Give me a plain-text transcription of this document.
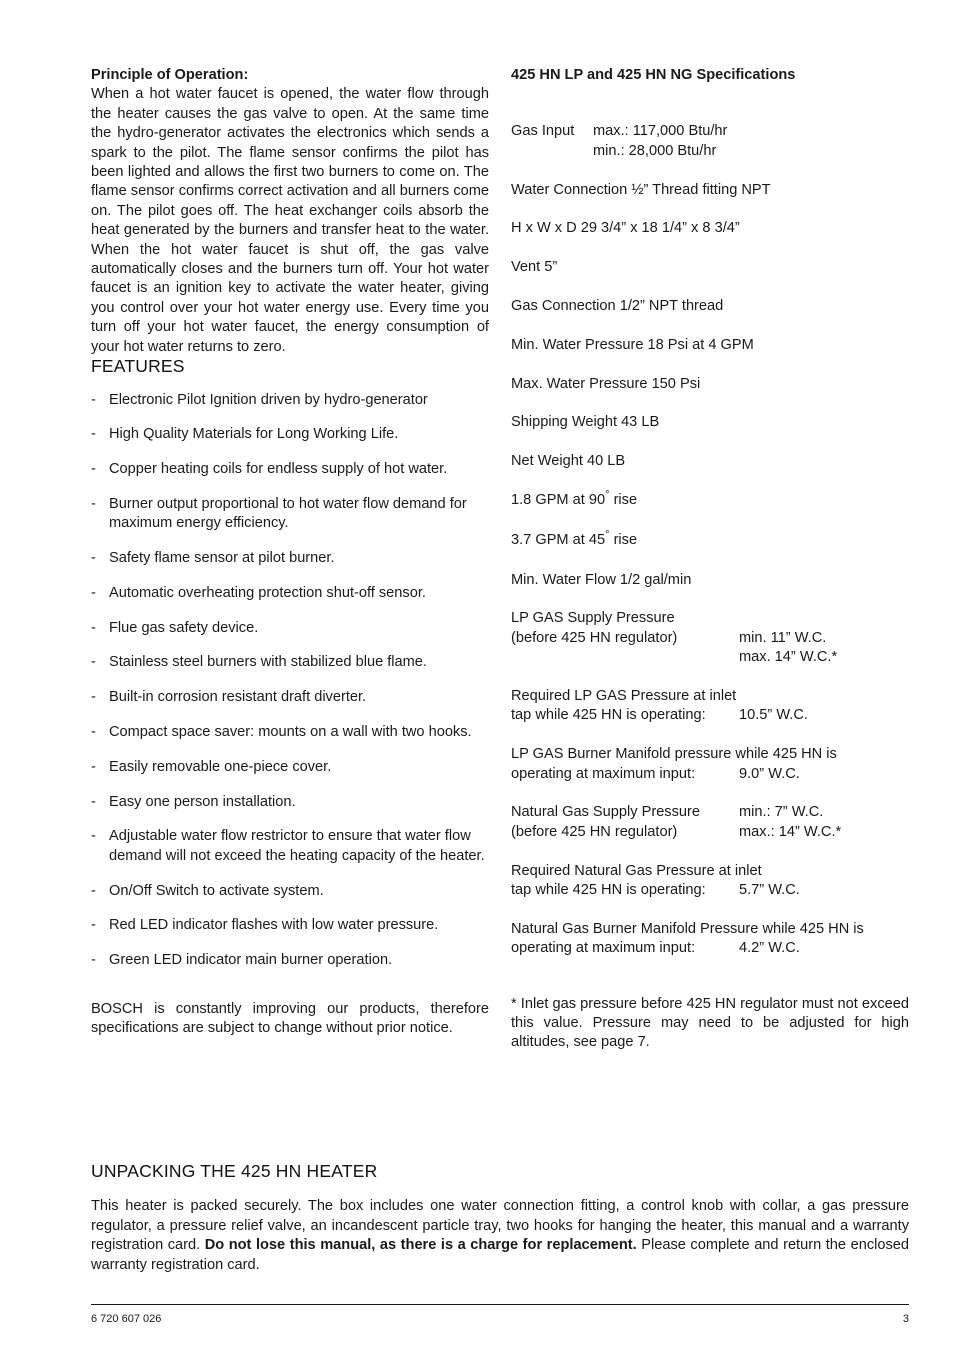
Principle of Operation:
When a hot water faucet is opened, the water flow through the heater causes the gas valve to open. At the same time the hydro-generator activates the electronics which sends a spark to the pilot. The flame sensor confirms the pilot has been lighted and allows the first two burners to come on. The flame sensor confirms correct activation and all burners come on. The pilot goes off. The heat exchanger coils absorb the heat generated by the burners and transfer heat to the water. When the hot water faucet is shut off, the gas valve automatically closes and the burners turn off. Your hot water faucet is an ignition key to activate the water heater, giving you control over your hot water energy use. Every time you turn off your hot water faucet, the energy consumption of your hot water returns to zero.
FEATURES
- Electronic Pilot Ignition driven by hydro-generator
- High Quality Materials for Long Working Life.
- Copper heating coils for endless supply of hot water.
- Burner output proportional to hot water flow demand for maximum energy efficiency.
- Safety flame sensor at pilot burner.
- Automatic overheating protection shut-off sensor.
- Flue gas safety device.
- Stainless steel burners with stabilized blue flame.
- Built-in corrosion resistant draft diverter.
- Compact space saver: mounts on a wall with two hooks.
- Easily removable one-piece cover.
- Easy one person installation.
- Adjustable water flow restrictor to ensure that water flow demand will not exceed the heating capacity of the heater.
- On/Off Switch to activate system.
- Red LED indicator flashes with low water pressure.
- Green LED indicator main burner operation.
BOSCH is constantly improving our products, therefore specifications are subject to change without prior notice.
425 HN LP and 425 HN NG Specifications
Gas Input	max.: 117,000 Btu/hr
min.: 28,000 Btu/hr
Water Connection ½” Thread fitting NPT
H x W x D 29 3/4” x 18 1/4” x 8 3/4”
Vent 5”
Gas Connection 1/2” NPT thread
Min. Water Pressure 18 Psi at 4 GPM
Max. Water Pressure 150 Psi
Shipping Weight 43 LB
Net Weight 40 LB
1.8 GPM at 90° rise
3.7 GPM at 45° rise
Min. Water Flow 1/2 gal/min
LP GAS Supply Pressure
(before 425 HN regulator)	min. 11” W.C.
max. 14” W.C.*
Required LP GAS Pressure at inlet
tap while 425 HN is operating:	10.5” W.C.
LP GAS Burner Manifold pressure while 425 HN is
operating at maximum input:	9.0” W.C.
Natural Gas Supply Pressure	min.: 7” W.C.
(before 425 HN regulator)	max.: 14” W.C.*
Required Natural Gas Pressure at inlet
tap while 425 HN is operating:	5.7” W.C.
Natural Gas Burner Manifold Pressure while 425 HN is
operating at maximum input:	4.2” W.C.
* Inlet gas pressure before 425 HN regulator must not exceed this value. Pressure may need to be adjusted for high altitudes, see page 7.
UNPACKING THE 425 HN HEATER

This heater is packed securely. The box includes one water connection fitting, a control knob with collar, a gas pressure regulator, a pressure relief valve, an incandescent particle tray, two hooks for hanging the heater, this manual and a warranty registration card. Do not lose this manual, as there is a charge for replacement. Please complete and return the enclosed warranty registration card.

6 720 607 026	3
